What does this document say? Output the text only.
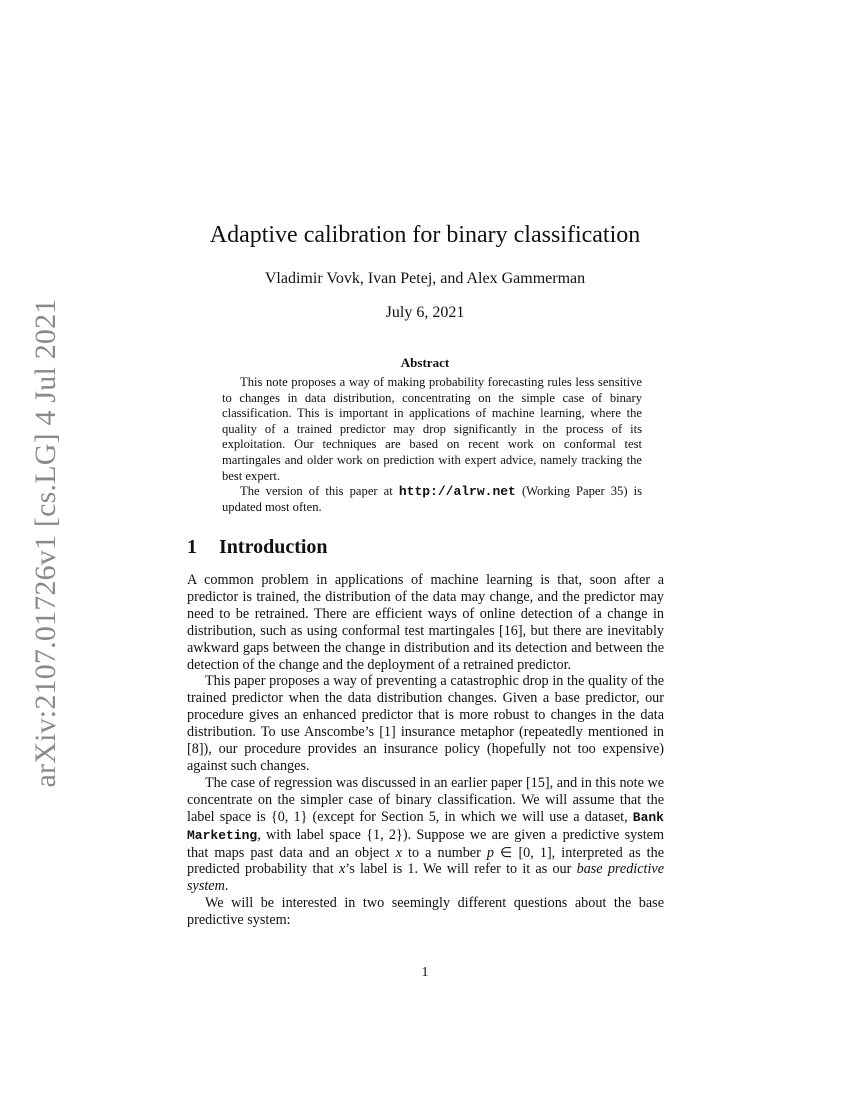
arXiv:2107.01726v1 [cs.LG] 4 Jul 2021
Adaptive calibration for binary classification
Vladimir Vovk, Ivan Petej, and Alex Gammerman
July 6, 2021
Abstract

This note proposes a way of making probability forecasting rules less sensitive to changes in data distribution, concentrating on the simple case of binary classification. This is important in applications of machine learning, where the quality of a trained predictor may drop significantly in the process of its exploitation. Our techniques are based on recent work on conformal test martingales and older work on prediction with expert advice, namely tracking the best expert.

The version of this paper at http://alrw.net (Working Paper 35) is updated most often.

1 Introduction

A common problem in applications of machine learning is that, soon after a predictor is trained, the distribution of the data may change, and the predictor may need to be retrained. There are efficient ways of online detection of a change in distribution, such as using conformal test martingales [16], but there are inevitably awkward gaps between the change in distribution and its detection and between the detection of the change and the deployment of a retrained predictor.

This paper proposes a way of preventing a catastrophic drop in the quality of the trained predictor when the data distribution changes. Given a base predictor, our procedure gives an enhanced predictor that is more robust to changes in the data distribution. To use Anscombe’s [1] insurance metaphor (repeatedly mentioned in [8]), our procedure provides an insurance policy (hopefully not too expensive) against such changes.

The case of regression was discussed in an earlier paper [15], and in this note we concentrate on the simpler case of binary classification. We will assume that the label space is {0, 1} (except for Section 5, in which we will use a dataset, Bank Marketing, with label space {1, 2}). Suppose we are given a predictive system that maps past data and an object x to a number p ∈ [0, 1], interpreted as the predicted probability that x’s label is 1. We will refer to it as our base predictive system.

We will be interested in two seemingly different questions about the base predictive system:

1
